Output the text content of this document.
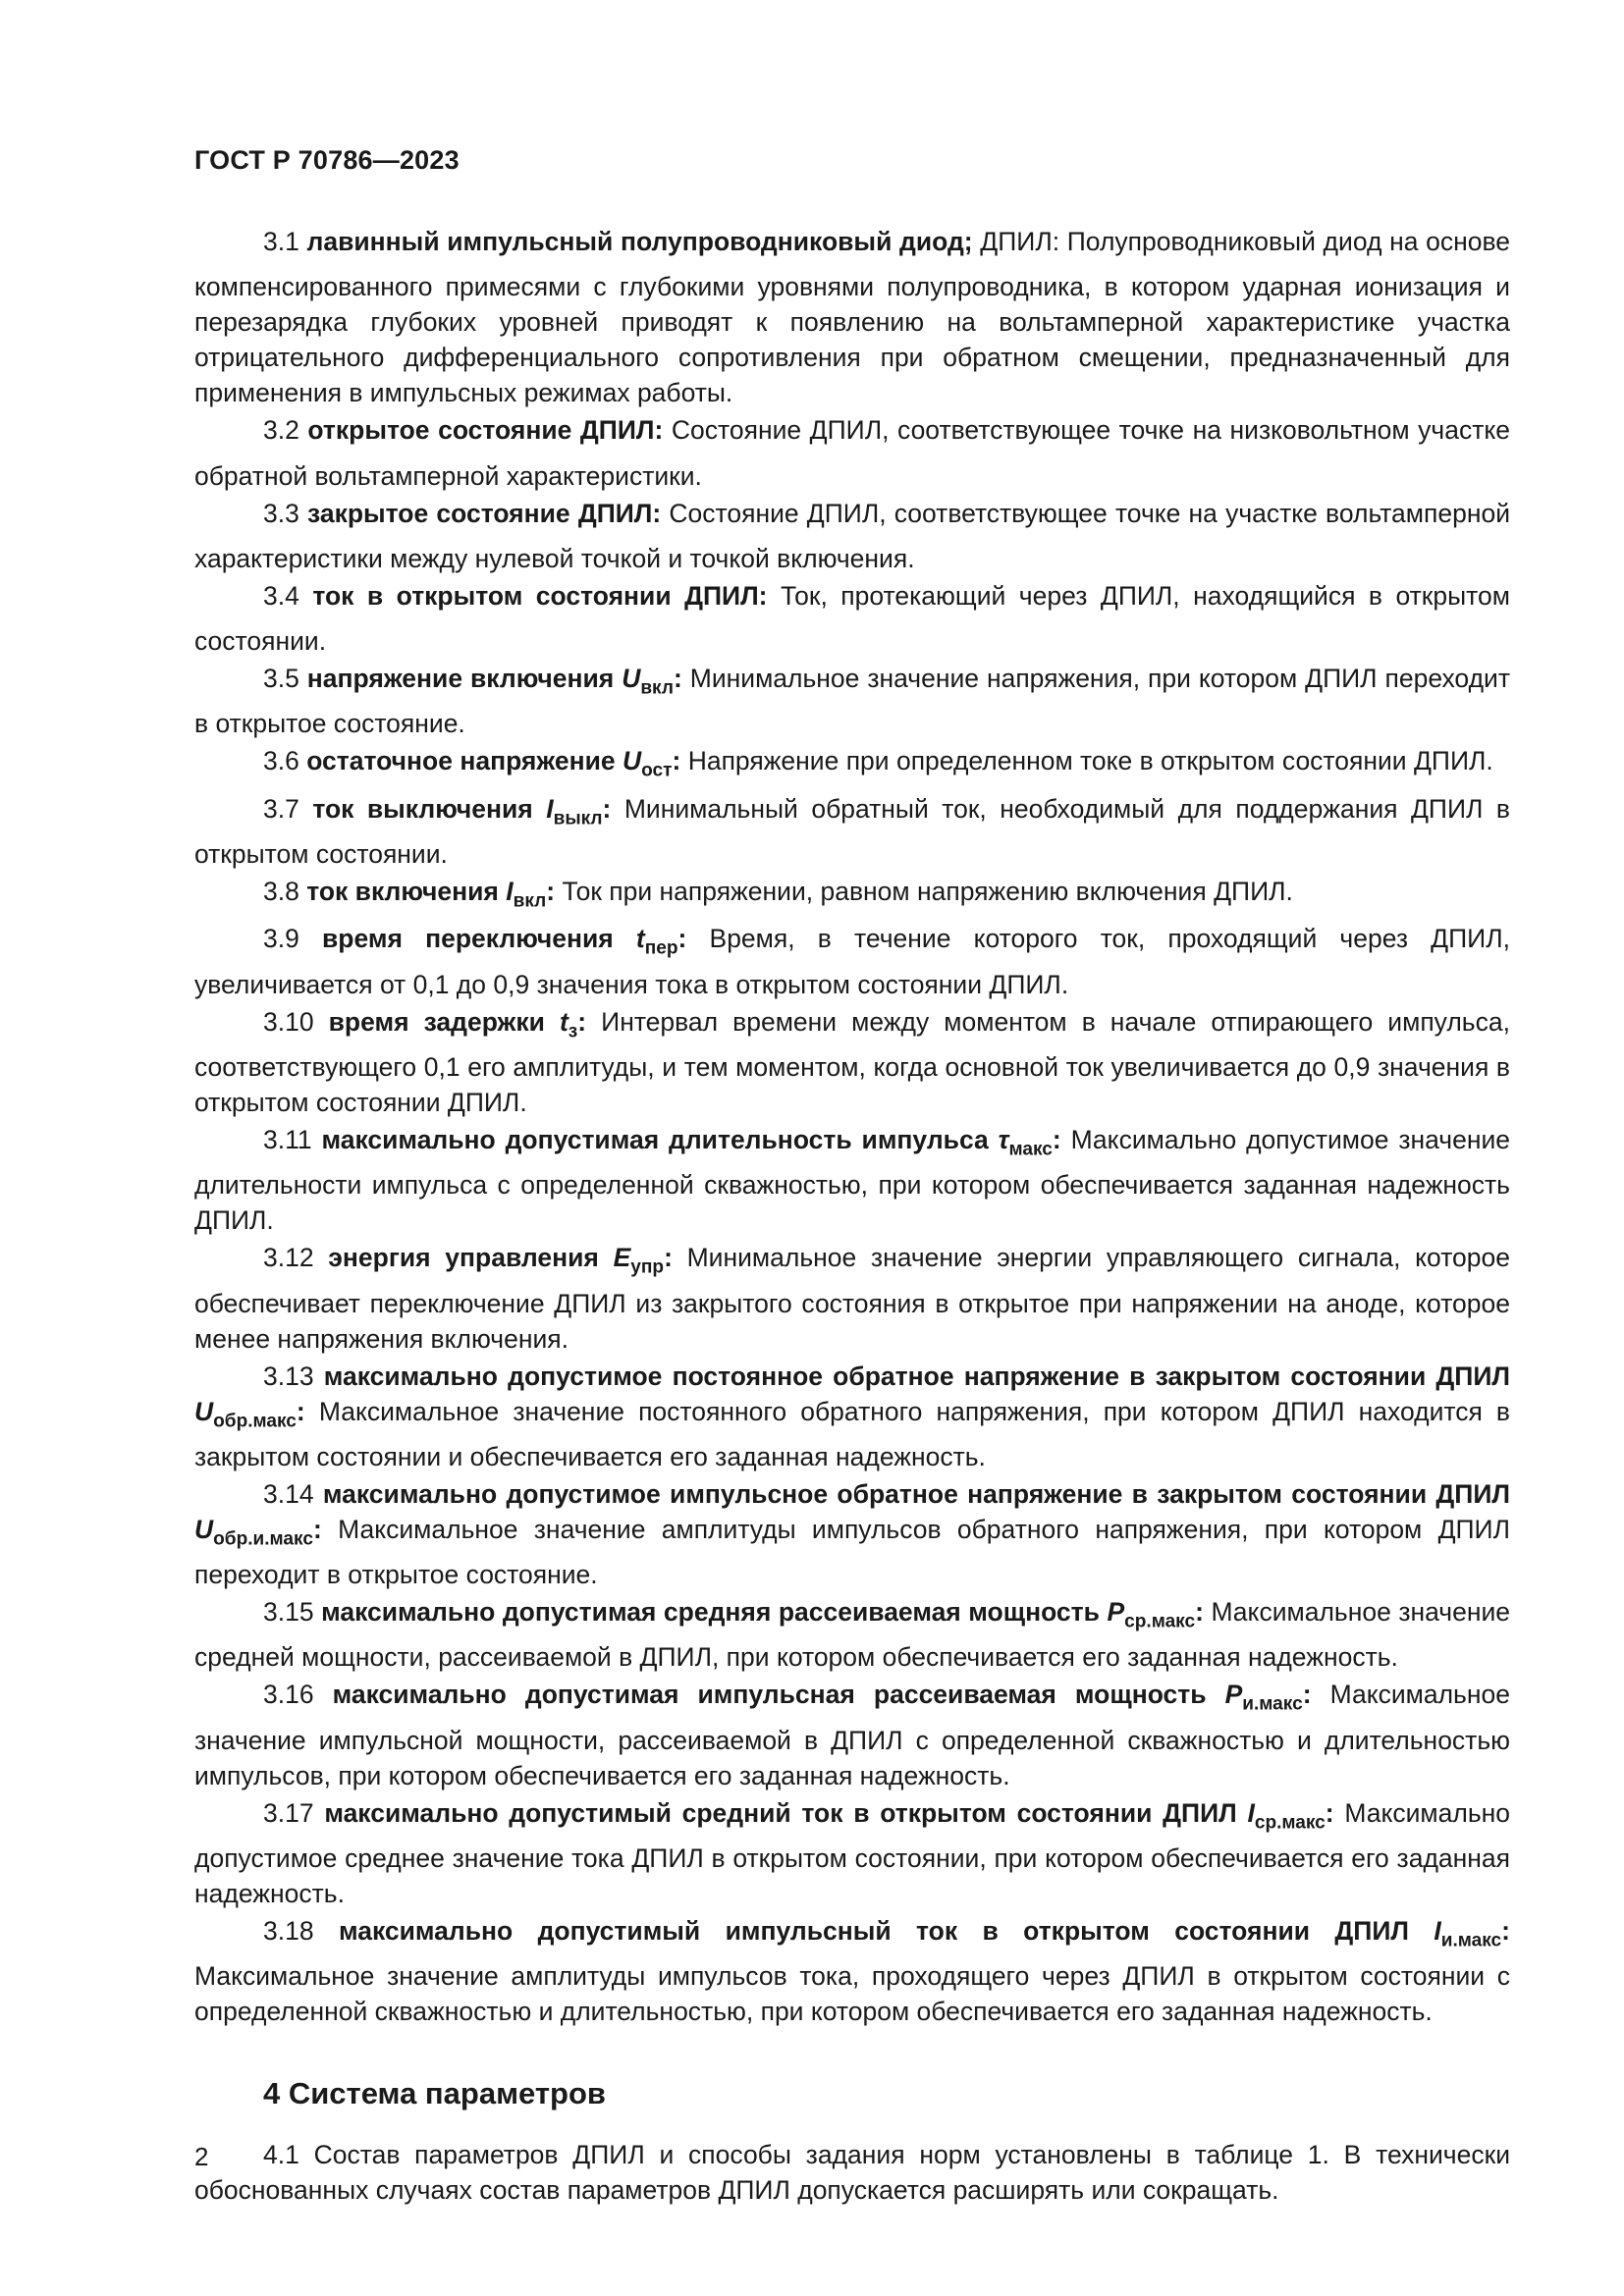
ГОСТ Р 70786—2023

3.1 лавинный импульсный полупроводниковый диод; ДПИЛ: Полупроводниковый диод на основе компенсированного примесями с глубокими уровнями полупроводника, в котором ударная ионизация и перезарядка глубоких уровней приводят к появлению на вольтамперной характеристике участка отрицательного дифференциального сопротивления при обратном смещении, предназначенный для применения в импульсных режимах работы.

3.2 открытое состояние ДПИЛ: Состояние ДПИЛ, соответствующее точке на низковольтном участке обратной вольтамперной характеристики.

3.3 закрытое состояние ДПИЛ: Состояние ДПИЛ, соответствующее точке на участке вольтамперной характеристики между нулевой точкой и точкой включения.

3.4 ток в открытом состоянии ДПИЛ: Ток, протекающий через ДПИЛ, находящийся в открытом состоянии.

3.5 напряжение включения $U_{вкл}$: Минимальное значение напряжения, при котором ДПИЛ переходит в открытое состояние.

3.6 остаточное напряжение $U_{ост}$: Напряжение при определенном токе в открытом состоянии ДПИЛ.

3.7 ток выключения $I_{выкл}$: Минимальный обратный ток, необходимый для поддержания ДПИЛ в открытом состоянии.

3.8 ток включения $I_{вкл}$: Ток при напряжении, равном напряжению включения ДПИЛ.

3.9 время переключения $t_{пер}$: Время, в течение которого ток, проходящий через ДПИЛ, увеличивается от 0,1 до 0,9 значения тока в открытом состоянии ДПИЛ.

3.10 время задержки $t_з$: Интервал времени между моментом в начале отпирающего импульса, соответствующего 0,1 его амплитуды, и тем моментом, когда основной ток увеличивается до 0,9 значения в открытом состоянии ДПИЛ.

3.11 максимально допустимая длительность импульса $\tau_{макс}$: Максимально допустимое значение длительности импульса с определенной скважностью, при котором обеспечивается заданная надежность ДПИЛ.

3.12 энергия управления $E_{упр}$: Минимальное значение энергии управляющего сигнала, которое обеспечивает переключение ДПИЛ из закрытого состояния в открытое при напряжении на аноде, которое менее напряжения включения.

3.13 максимально допустимое постоянное обратное напряжение в закрытом состоянии ДПИЛ $U_{обр.макс}$: Максимальное значение постоянного обратного напряжения, при котором ДПИЛ находится в закрытом состоянии и обеспечивается его заданная надежность.

3.14 максимально допустимое импульсное обратное напряжение в закрытом состоянии ДПИЛ $U_{обр.и.макс}$: Максимальное значение амплитуды импульсов обратного напряжения, при котором ДПИЛ переходит в открытое состояние.

3.15 максимально допустимая средняя рассеиваемая мощность $P_{ср.макс}$: Максимальное значение средней мощности, рассеиваемой в ДПИЛ, при котором обеспечивается его заданная надежность.

3.16 максимально допустимая импульсная рассеиваемая мощность $P_{и.макс}$: Максимальное значение импульсной мощности, рассеиваемой в ДПИЛ с определенной скважностью и длительностью импульсов, при котором обеспечивается его заданная надежность.

3.17 максимально допустимый средний ток в открытом состоянии ДПИЛ $I_{ср.макс}$: Максимально допустимое среднее значение тока ДПИЛ в открытом состоянии, при котором обеспечивается его заданная надежность.

3.18 максимально допустимый импульсный ток в открытом состоянии ДПИЛ $I_{и.макс}$: Максимальное значение амплитуды импульсов тока, проходящего через ДПИЛ в открытом состоянии с определенной скважностью и длительностью, при котором обеспечивается его заданная надежность.

4 Система параметров

4.1 Состав параметров ДПИЛ и способы задания норм установлены в таблице 1. В технически обоснованных случаях состав параметров ДПИЛ допускается расширять или сокращать.

2
